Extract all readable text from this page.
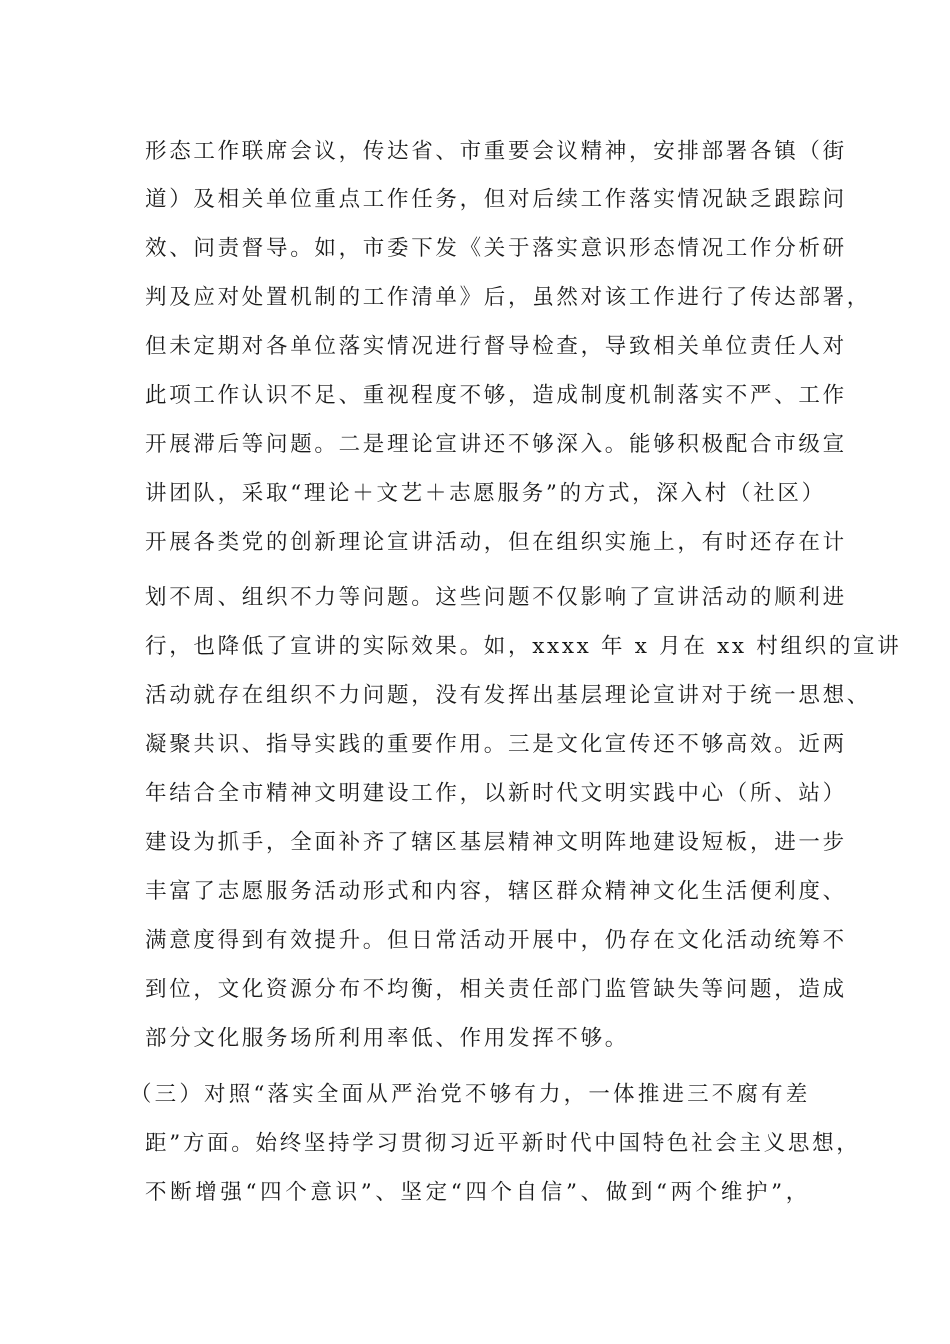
形态工作联席会议，传达省、市重要会议精神，安排部署各镇（街
道）及相关单位重点工作任务，但对后续工作落实情况缺乏跟踪问
效、问责督导。如，市委下发《关于落实意识形态情况工作分析研
判及应对处置机制的工作清单》后，虽然对该工作进行了传达部署，
但未定期对各单位落实情况进行督导检查，导致相关单位责任人对
此项工作认识不足、重视程度不够，造成制度机制落实不严、工作
开展滞后等问题。二是理论宣讲还不够深入。能够积极配合市级宣
讲团队，采取“理论＋文艺＋志愿服务”的方式，深入村（社区）
开展各类党的创新理论宣讲活动，但在组织实施上，有时还存在计
划不周、组织不力等问题。这些问题不仅影响了宣讲活动的顺利进
行，也降低了宣讲的实际效果。如，xxxx 年 x 月在 xx 村组织的宣讲
活动就存在组织不力问题，没有发挥出基层理论宣讲对于统一思想、
凝聚共识、指导实践的重要作用。三是文化宣传还不够高效。近两
年结合全市精神文明建设工作，以新时代文明实践中心（所、站）
建设为抓手，全面补齐了辖区基层精神文明阵地建设短板，进一步
丰富了志愿服务活动形式和内容，辖区群众精神文化生活便利度、
满意度得到有效提升。但日常活动开展中，仍存在文化活动统筹不
到位，文化资源分布不均衡，相关责任部门监管缺失等问题，造成
部分文化服务场所利用率低、作用发挥不够。
（三）对照“落实全面从严治党不够有力，一体推进三不腐有差
距”方面。始终坚持学习贯彻习近平新时代中国特色社会主义思想，
不断增强“四个意识”、坚定“四个自信”、做到“两个维护”，
